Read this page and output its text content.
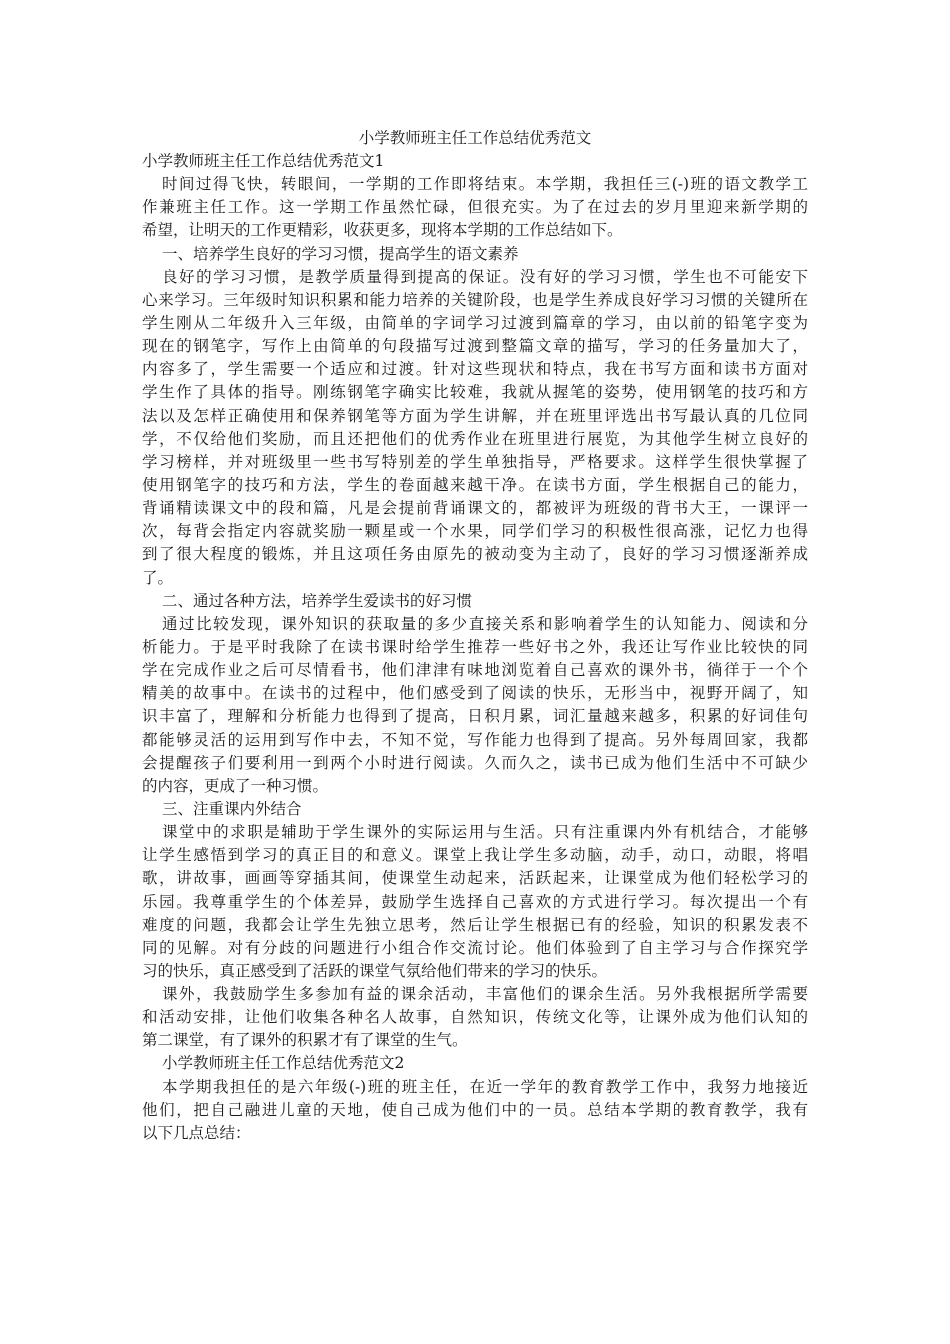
小学教师班主任工作总结优秀范文

小学教师班主任工作总结优秀范文1

时间过得飞快，转眼间，一学期的工作即将结束。本学期，我担任三(-)班的语文教学工

作兼班主任工作。这一学期工作虽然忙碌，但很充实。为了在过去的岁月里迎来新学期的

希望，让明天的工作更精彩，收获更多，现将本学期的工作总结如下。

一、培养学生良好的学习习惯，提高学生的语文素养

良好的学习习惯，是教学质量得到提高的保证。没有好的学习习惯，学生也不可能安下

心来学习。三年级时知识积累和能力培养的关键阶段，也是学生养成良好学习习惯的关键所在

学生刚从二年级升入三年级，由简单的字词学习过渡到篇章的学习，由以前的铅笔字变为

现在的钢笔字，写作上由简单的句段描写过渡到整篇文章的描写，学习的任务量加大了，

内容多了，学生需要一个适应和过渡。针对这些现状和特点，我在书写方面和读书方面对

学生作了具体的指导。刚练钢笔字确实比较难，我就从握笔的姿势，使用钢笔的技巧和方

法以及怎样正确使用和保养钢笔等方面为学生讲解，并在班里评选出书写最认真的几位同

学，不仅给他们奖励，而且还把他们的优秀作业在班里进行展览，为其他学生树立良好的

学习榜样，并对班级里一些书写特别差的学生单独指导，严格要求。这样学生很快掌握了

使用钢笔字的技巧和方法，学生的卷面越来越干净。在读书方面，学生根据自己的能力，

背诵精读课文中的段和篇，凡是会提前背诵课文的，都被评为班级的背书大王，一课评一

次，每背会指定内容就奖励一颗星或一个水果，同学们学习的积极性很高涨，记忆力也得

到了很大程度的锻炼，并且这项任务由原先的被动变为主动了，良好的学习习惯逐渐养成

了。

二、通过各种方法，培养学生爱读书的好习惯

通过比较发现，课外知识的获取量的多少直接关系和影响着学生的认知能力、阅读和分

析能力。于是平时我除了在读书课时给学生推荐一些好书之外，我还让写作业比较快的同

学在完成作业之后可尽情看书，他们津津有味地浏览着自己喜欢的课外书，徜徉于一个个

精美的故事中。在读书的过程中，他们感受到了阅读的快乐，无形当中，视野开阔了，知

识丰富了，理解和分析能力也得到了提高，日积月累，词汇量越来越多，积累的好词佳句

都能够灵活的运用到写作中去，不知不觉，写作能力也得到了提高。另外每周回家，我都

会提醒孩子们要利用一到两个小时进行阅读。久而久之，读书已成为他们生活中不可缺少

的内容，更成了一种习惯。

三、注重课内外结合

课堂中的求职是辅助于学生课外的实际运用与生活。只有注重课内外有机结合，才能够

让学生感悟到学习的真正目的和意义。课堂上我让学生多动脑，动手，动口，动眼，将唱

歌，讲故事，画画等穿插其间，使课堂生动起来，活跃起来，让课堂成为他们轻松学习的

乐园。我尊重学生的个体差异，鼓励学生选择自己喜欢的方式进行学习。每次提出一个有

难度的问题，我都会让学生先独立思考，然后让学生根据已有的经验，知识的积累发表不

同的见解。对有分歧的问题进行小组合作交流讨论。他们体验到了自主学习与合作探究学

习的快乐，真正感受到了活跃的课堂气氛给他们带来的学习的快乐。

课外，我鼓励学生多参加有益的课余活动，丰富他们的课余生活。另外我根据所学需要

和活动安排，让他们收集各种名人故事，自然知识，传统文化等，让课外成为他们认知的

第二课堂，有了课外的积累才有了课堂的生气。

小学教师班主任工作总结优秀范文2

本学期我担任的是六年级(-)班的班主任，在近一学年的教育教学工作中，我努力地接近

他们，把自己融进儿童的天地，使自己成为他们中的一员。总结本学期的教育教学，我有

以下几点总结：
